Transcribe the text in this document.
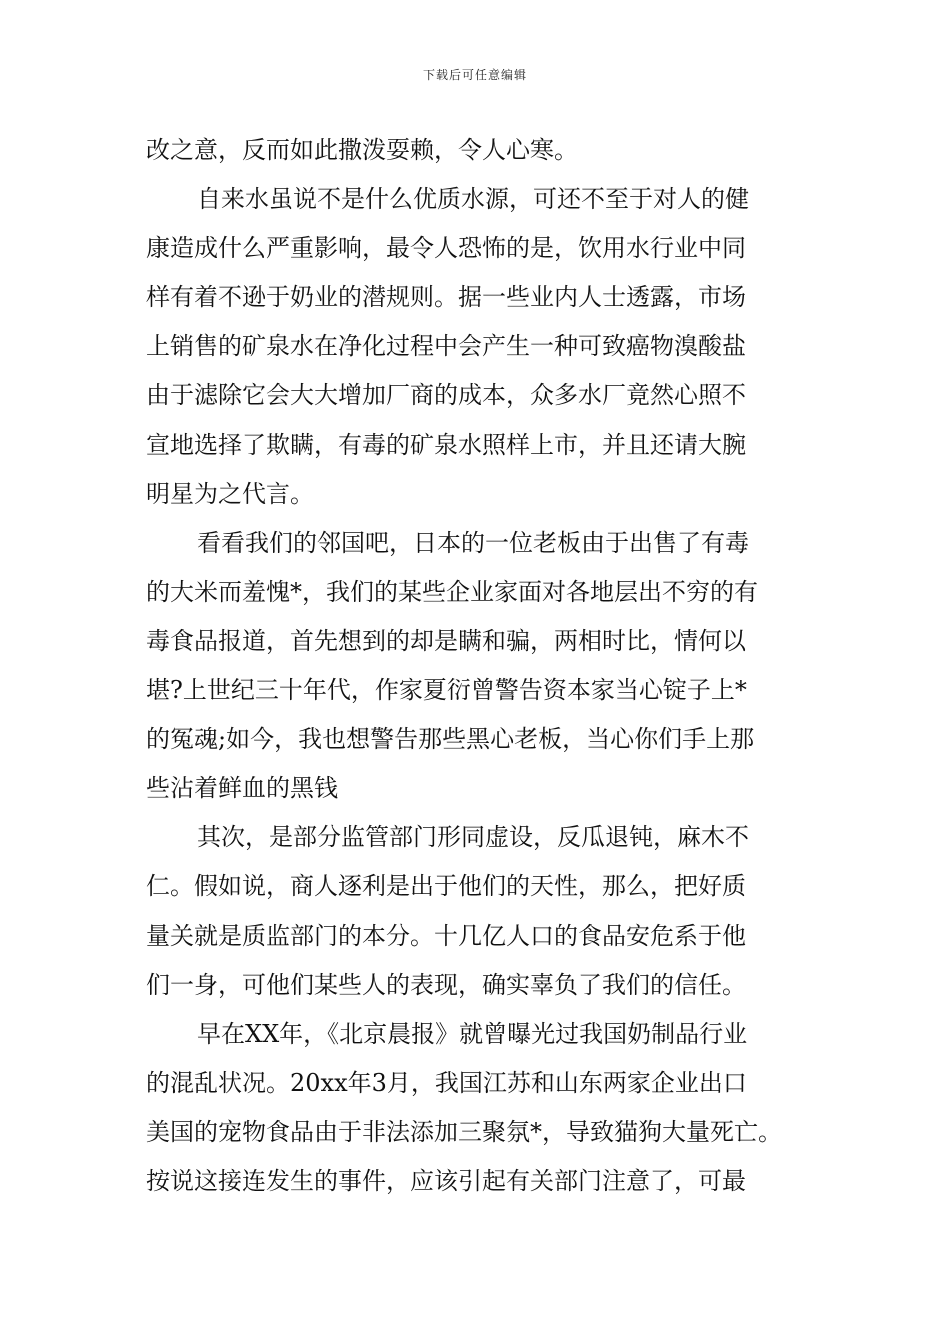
下载后可任意编辑
改之意，反而如此撒泼耍赖，令人心寒。
自来水虽说不是什么优质水源，可还不至于对人的健
康造成什么严重影响，最令人恐怖的是，饮用水行业中同
样有着不逊于奶业的潜规则。据一些业内人士透露，市场
上销售的矿泉水在净化过程中会产生一种可致癌物溴酸盐
由于滤除它会大大增加厂商的成本，众多水厂竟然心照不
宣地选择了欺瞒，有毒的矿泉水照样上市，并且还请大腕
明星为之代言。
看看我们的邻国吧，日本的一位老板由于出售了有毒
的大米而羞愧*，我们的某些企业家面对各地层出不穷的有
毒食品报道，首先想到的却是瞒和骗，两相时比，情何以
堪?上世纪三十年代，作家夏衍曾警告资本家当心锭子上*
的冤魂;如今，我也想警告那些黑心老板，当心你们手上那
些沾着鲜血的黑钱
其次，是部分监管部门形同虚设，反瓜退钝，麻木不
仁。假如说，商人逐利是出于他们的天性，那么，把好质
量关就是质监部门的本分。十几亿人口的食品安危系于他
们一身，可他们某些人的表现，确实辜负了我们的信任。
早在XX年，《北京晨报》就曾曝光过我国奶制品行业
的混乱状况。20xx年3月，我国江苏和山东两家企业出口
美国的宠物食品由于非法添加三聚氛*，导致猫狗大量死亡。
按说这接连发生的事件，应该引起有关部门注意了，可最
